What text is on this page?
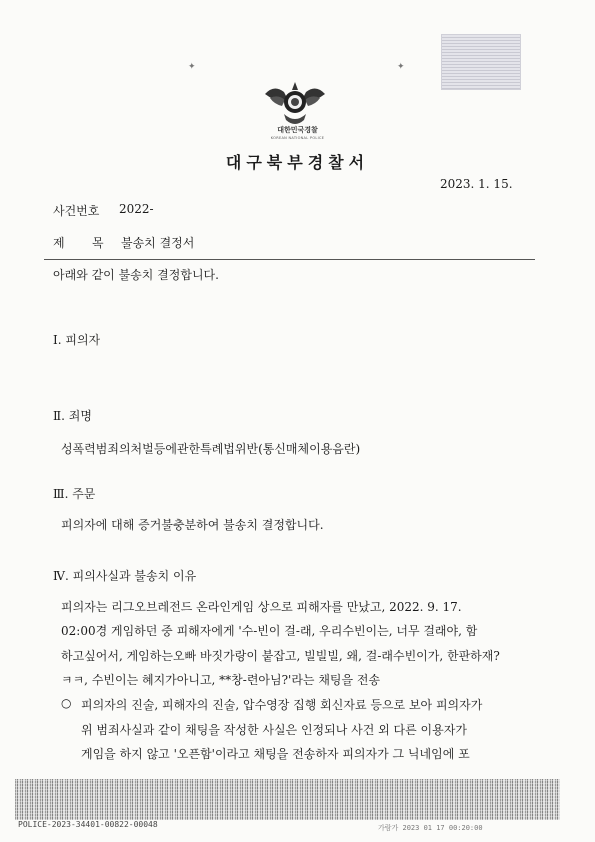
✦	✦
대한민국경찰
KOREAN NATIONAL POLICE
대구북부경찰서
2023. 1. 15.
사건번호 2022-
제 목 불송치 결정서
아래와 같이 불송치 결정합니다.
Ⅰ. 피의자
Ⅱ. 죄명
성폭력범죄의처벌등에관한특례법위반(통신매체이용음란)
Ⅲ. 주문
피의자에 대해 증거불충분하여 불송치 결정합니다.
Ⅳ. 피의사실과 불송치 이유
피의자는 리그오브레전드 온라인게임 상으로 피해자를 만났고, 2022. 9. 17.
02:00경 게임하던 중 피해자에게 '수-빈이 걸-래, 우리수빈이는, 너무 걸래야, 함
하고싶어서, 게임하는오빠 바짓가랑이 붙잡고, 빌빌빌, 왜, 걸-래수빈이가, 한판하재?
ㅋㅋ, 수빈이는 혜지가아니고, **창-련아님?'라는 채팅을 전송
○ 피의자의 진술, 피해자의 진술, 압수영장 집행 회신자료 등으로 보아 피의자가
위 범죄사실과 같이 채팅을 작성한 사실은 인정되나 사건 외 다른 이용자가
게임을 하지 않고 '오픈함'이라고 채팅을 전송하자 피의자가 그 닉네임에 포
POLICE-2023-34401-00822-00048	가람가 2023 01 17 00:20:00
